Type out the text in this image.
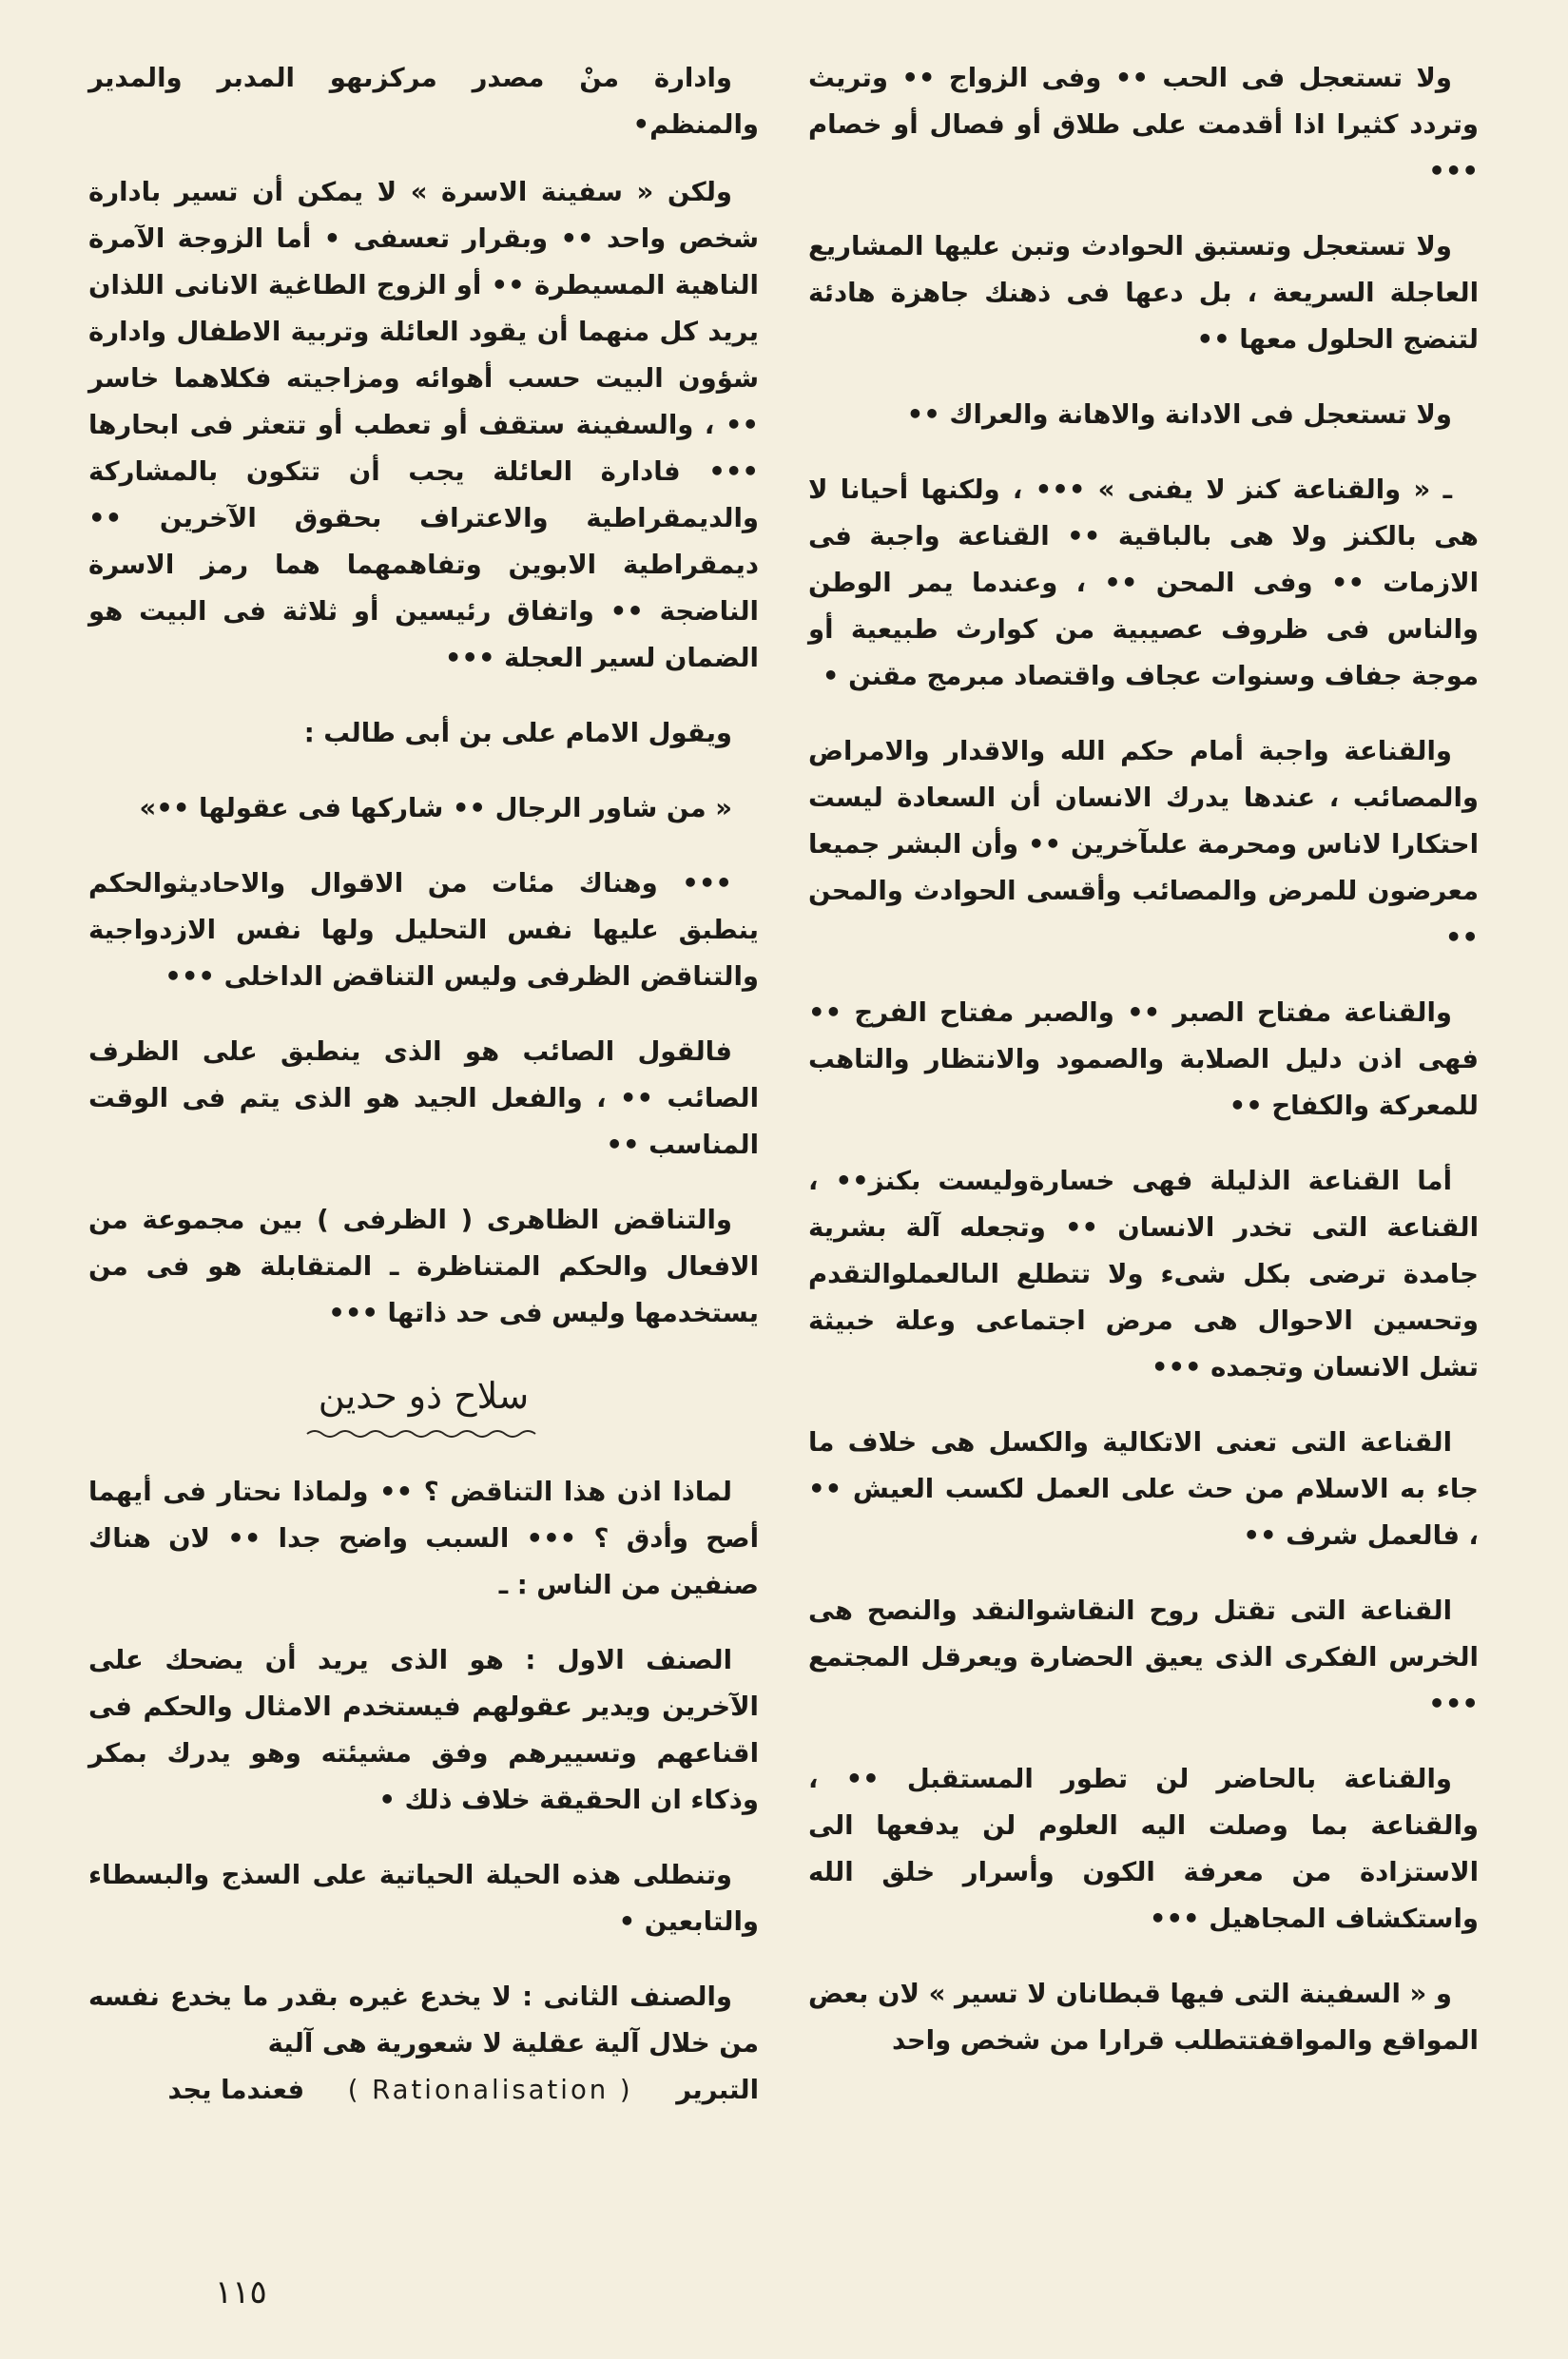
ولا تستعجل فى الحب •• وفى الزواج •• وتريث وتردد كثيرا اذا أقدمت على طلاق أو فصال أو خصام •••

ولا تستعجل وتستبق الحوادث وتبن عليها المشاريع العاجلة السريعة ، بل دعها فى ذهنك جاهزة هادئة لتنضج الحلول معها ••

ولا تستعجل فى الادانة والاهانة والعراك ••

ـ « والقناعة كنز لا يفنى » ••• ، ولكنها أحيانا لا هى بالكنز ولا هى بالباقية •• القناعة واجبة فى الازمات •• وفى المحن •• ، وعندما يمر الوطن والناس فى ظروف عصيبية من كوارث طبيعية أو موجة جفاف وسنوات عجاف واقتصاد مبرمج مقنن •

والقناعة واجبة أمام حكم الله والاقدار والامراض والمصائب ، عندها يدرك الانسان أن السعادة ليست احتكارا لاناس ومحرمة علىآخرين •• وأن البشر جميعا معرضون للمرض والمصائب وأقسى الحوادث والمحن ••

والقناعة مفتاح الصبر •• والصبر مفتاح الفرج •• فهى اذن دليل الصلابة والصمود والانتظار والتاهب للمعركة والكفاح ••

أما القناعة الذليلة فهى خسارةوليست بكنز•• ، القناعة التى تخدر الانسان •• وتجعله آلة بشرية جامدة ترضى بكل شىء ولا تتطلع الىالعملوالتقدم وتحسين الاحوال هى مرض اجتماعى وعلة خبيثة تشل الانسان وتجمده •••

القناعة التى تعنى الاتكالية والكسل هى خلاف ما جاء به الاسلام من حث على العمل لكسب العيش •• ، فالعمل شرف ••

القناعة التى تقتل روح النقاشوالنقد والنصح هى الخرس الفكرى الذى يعيق الحضارة ويعرقل المجتمع •••

والقناعة بالحاضر لن تطور المستقبل •• ، والقناعة بما وصلت اليه العلوم لن يدفعها الى الاستزادة من معرفة الكون وأسرار خلق الله واستكشاف المجاهيل •••

و « السفينة التى فيها قبطانان لا تسير » لان بعض المواقع والمواقفتتطلب قرارا من شخص واحد

وادارة منْ مصدر مركزىهو المدبر والمدير والمنظم•

ولكن « سفينة الاسرة » لا يمكن أن تسير بادارة شخص واحد •• وبقرار تعسفى • أما الزوجة الآمرة الناهية المسيطرة •• أو الزوج الطاغية الانانى اللذان يريد كل منهما أن يقود العائلة وتربية الاطفال وادارة شؤون البيت حسب أهوائه ومزاجيته فكلاهما خاسر •• ، والسفينة ستقف أو تعطب أو تتعثر فى ابحارها ••• فادارة العائلة يجب أن تتكون بالمشاركة والديمقراطية والاعتراف بحقوق الآخرين •• ديمقراطية الابوين وتفاهمهما هما رمز الاسرة الناضجة •• واتفاق رئيسين أو ثلاثة فى البيت هو الضمان لسير العجلة •••

ويقول الامام على بن أبى طالب :

« من شاور الرجال •• شاركها فى عقولها ••»

••• وهناك مئات من الاقوال والاحاديثوالحكم ينطبق عليها نفس التحليل ولها نفس الازدواجية والتناقض الظرفى وليس التناقض الداخلى •••

فالقول الصائب هو الذى ينطبق على الظرف الصائب •• ، والفعل الجيد هو الذى يتم فى الوقت المناسب ••

والتناقض الظاهرى ( الظرفى ) بين مجموعة من الافعال والحكم المتناظرة ـ المتقابلة هو فى من يستخدمها وليس فى حد ذاتها •••

سلاح ذو حدين

لماذا اذن هذا التناقض ؟ •• ولماذا نحتار فى أيهما أصح وأدق ؟ ••• السبب واضح جدا •• لان هناك صنفين من الناس : ـ

الصنف الاول : هو الذى يريد أن يضحك على الآخرين ويدير عقولهم فيستخدم الامثال والحكم فى اقناعهم وتسييرهم وفق مشيئته وهو يدرك بمكر وذكاء ان الحقيقة خلاف ذلك •

وتنطلى هذه الحيلة الحياتية على السذج والبسطاء والتابعين •

والصنف الثانى : لا يخدع غيره بقدر ما يخدع نفسه من خلال آلية عقلية لا شعورية هى آلية

التبرير ( Rationalisation ) فعندما يجد

١١٥
